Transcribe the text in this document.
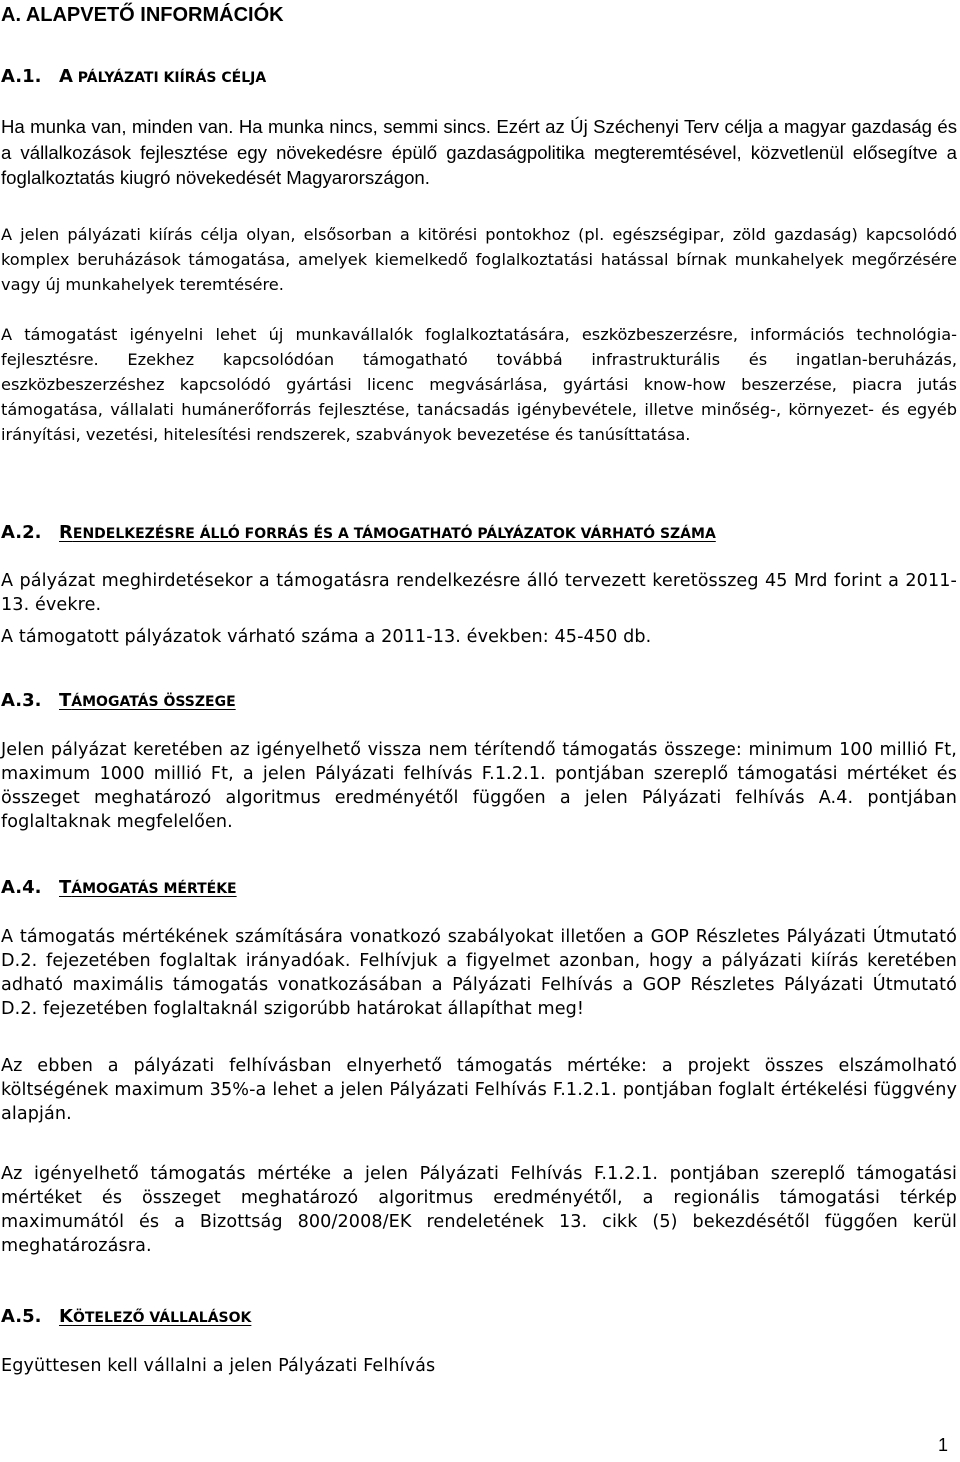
A. ALAPVETŐ INFORMÁCIÓK
A.1. A PÁLYÁZATI KIÍRÁS CÉLJA

Ha munka van, minden van. Ha munka nincs, semmi sincs. Ezért az Új Széchenyi Terv célja a magyar gazdaság és a vállalkozások fejlesztése egy növekedésre épülő gazdaságpolitika megteremtésével, közvetlenül elősegítve a foglalkoztatás kiugró növekedését Magyarországon.

A jelen pályázati kiírás célja olyan, elsősorban a kitörési pontokhoz (pl. egészségipar, zöld gazdaság) kapcsolódó komplex beruházások támogatása, amelyek kiemelkedő foglalkoztatási hatással bírnak munkahelyek megőrzésére vagy új munkahelyek teremtésére.

A támogatást igényelni lehet új munkavállalók foglalkoztatására, eszközbeszerzésre, információs technológia- fejlesztésre. Ezekhez kapcsolódóan támogatható továbbá infrastrukturális és ingatlan-beruházás, eszközbeszerzéshez kapcsolódó gyártási licenc megvásárlása, gyártási know-how beszerzése, piacra jutás támogatása, vállalati humánerőforrás fejlesztése, tanácsadás igénybevétele, illetve minőség-, környezet- és egyéb irányítási, vezetési, hitelesítési rendszerek, szabványok bevezetése és tanúsíttatása.

A.2. RENDELKEZÉSRE ÁLLÓ FORRÁS ÉS A TÁMOGATHATÓ PÁLYÁZATOK VÁRHATÓ SZÁMA

A pályázat meghirdetésekor a támogatásra rendelkezésre álló tervezett keretösszeg 45 Mrd forint a 2011-13. évekre.

A támogatott pályázatok várható száma a 2011-13. években: 45-450 db.

A.3. TÁMOGATÁS ÖSSZEGE

Jelen pályázat keretében az igényelhető vissza nem térítendő támogatás összege: minimum 100 millió Ft, maximum 1000 millió Ft, a jelen Pályázati felhívás F.1.2.1. pontjában szereplő támogatási mértéket és összeget meghatározó algoritmus eredményétől függően a jelen Pályázati felhívás A.4. pontjában foglaltaknak megfelelően.

A.4. TÁMOGATÁS MÉRTÉKE

A támogatás mértékének számítására vonatkozó szabályokat illetően a GOP Részletes Pályázati Útmutató D.2. fejezetében foglaltak irányadóak. Felhívjuk a figyelmet azonban, hogy a pályázati kiírás keretében adható maximális támogatás vonatkozásában a Pályázati Felhívás a GOP Részletes Pályázati Útmutató D.2. fejezetében foglaltaknál szigorúbb határokat állapíthat meg!

Az ebben a pályázati felhívásban elnyerhető támogatás mértéke: a projekt összes elszámolható költségének maximum 35%-a lehet a jelen Pályázati Felhívás F.1.2.1. pontjában foglalt értékelési függvény alapján.

Az igényelhető támogatás mértéke a jelen Pályázati Felhívás F.1.2.1. pontjában szereplő támogatási mértéket és összeget meghatározó algoritmus eredményétől, a regionális támogatási térkép maximumától és a Bizottság 800/2008/EK rendeletének 13. cikk (5) bekezdésétől függően kerül meghatározásra.

A.5. KÖTELEZŐ VÁLLALÁSOK

Együttesen kell vállalni a jelen Pályázati Felhívás

1
